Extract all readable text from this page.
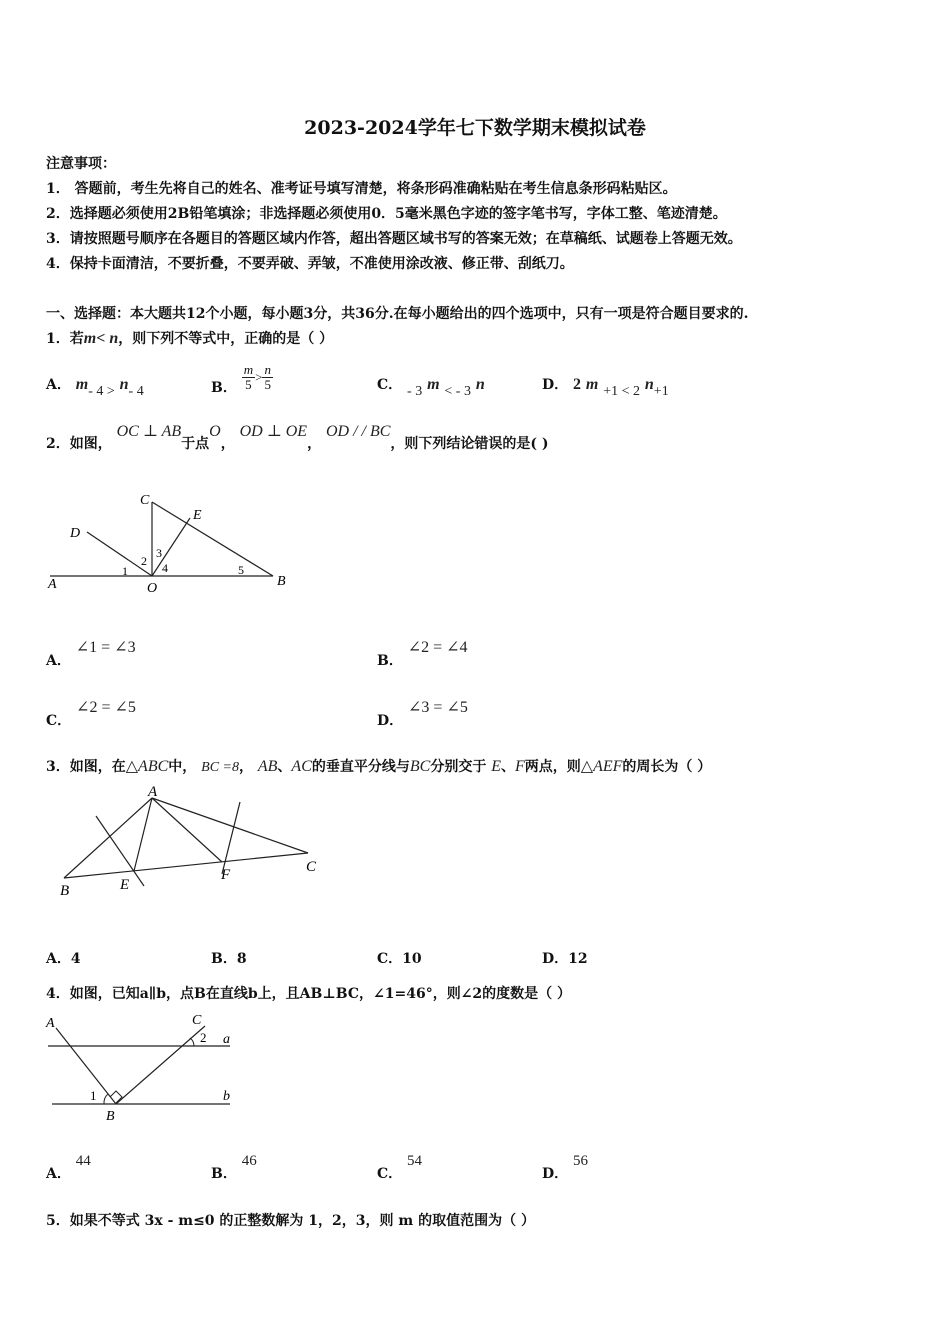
2023-2024学年七下数学期末模拟试卷
注意事项：
1． 答题前，考生先将自己的姓名、准考证号填写清楚，将条形码准确粘贴在考生信息条形码粘贴区。
2．选择题必须使用2B铅笔填涂；非选择题必须使用0．5毫米黑色字迹的签字笔书写，字体工整、笔迹清楚。
3．请按照题号顺序在各题目的答题区域内作答，超出答题区域书写的答案无效；在草稿纸、试题卷上答题无效。
4．保持卡面清洁，不要折叠，不要弄破、弄皱，不准使用涂改液、修正带、刮纸刀。
一、选择题：本大题共12个小题，每小题3分，共36分.在每小题给出的四个选项中，只有一项是符合题目要求的.
1．若m< n，则下列不等式中，正确的是（ ）
A． m- 4 > n- 4	B． $\frac{m}{5} > \frac{n}{5}$	C． - 3 m < - 3 n	D． 2 m +1 < 2 n+1
2．如图， OC ⊥ AB于点O， OD ⊥ OE， OD / / BC，则下列结论错误的是( )
C
E
D
A	O	B
1
2
3
4	5
A． ∠1 = ∠3
B． ∠2 = ∠4
C． ∠2 = ∠5
D． ∠3 = ∠5
3．如图，在△ABC中， BC =8， AB、AC的垂直平分线与BC分别交于 E、F两点，则△AEF的周长为（ ）
A
B
C
E
F
A．4	B．8	C．10	D．12
4．如图，已知a∥b，点B在直线b上，且AB⊥BC，∠1=46°，则∠2的度数是（ ）
A	C
B
a
b
1
2
A． 44
B． 46
C． 54
D． 56
5．如果不等式 3x - m≤0 的正整数解为 1，2，3，则 m 的取值范围为（ ）
